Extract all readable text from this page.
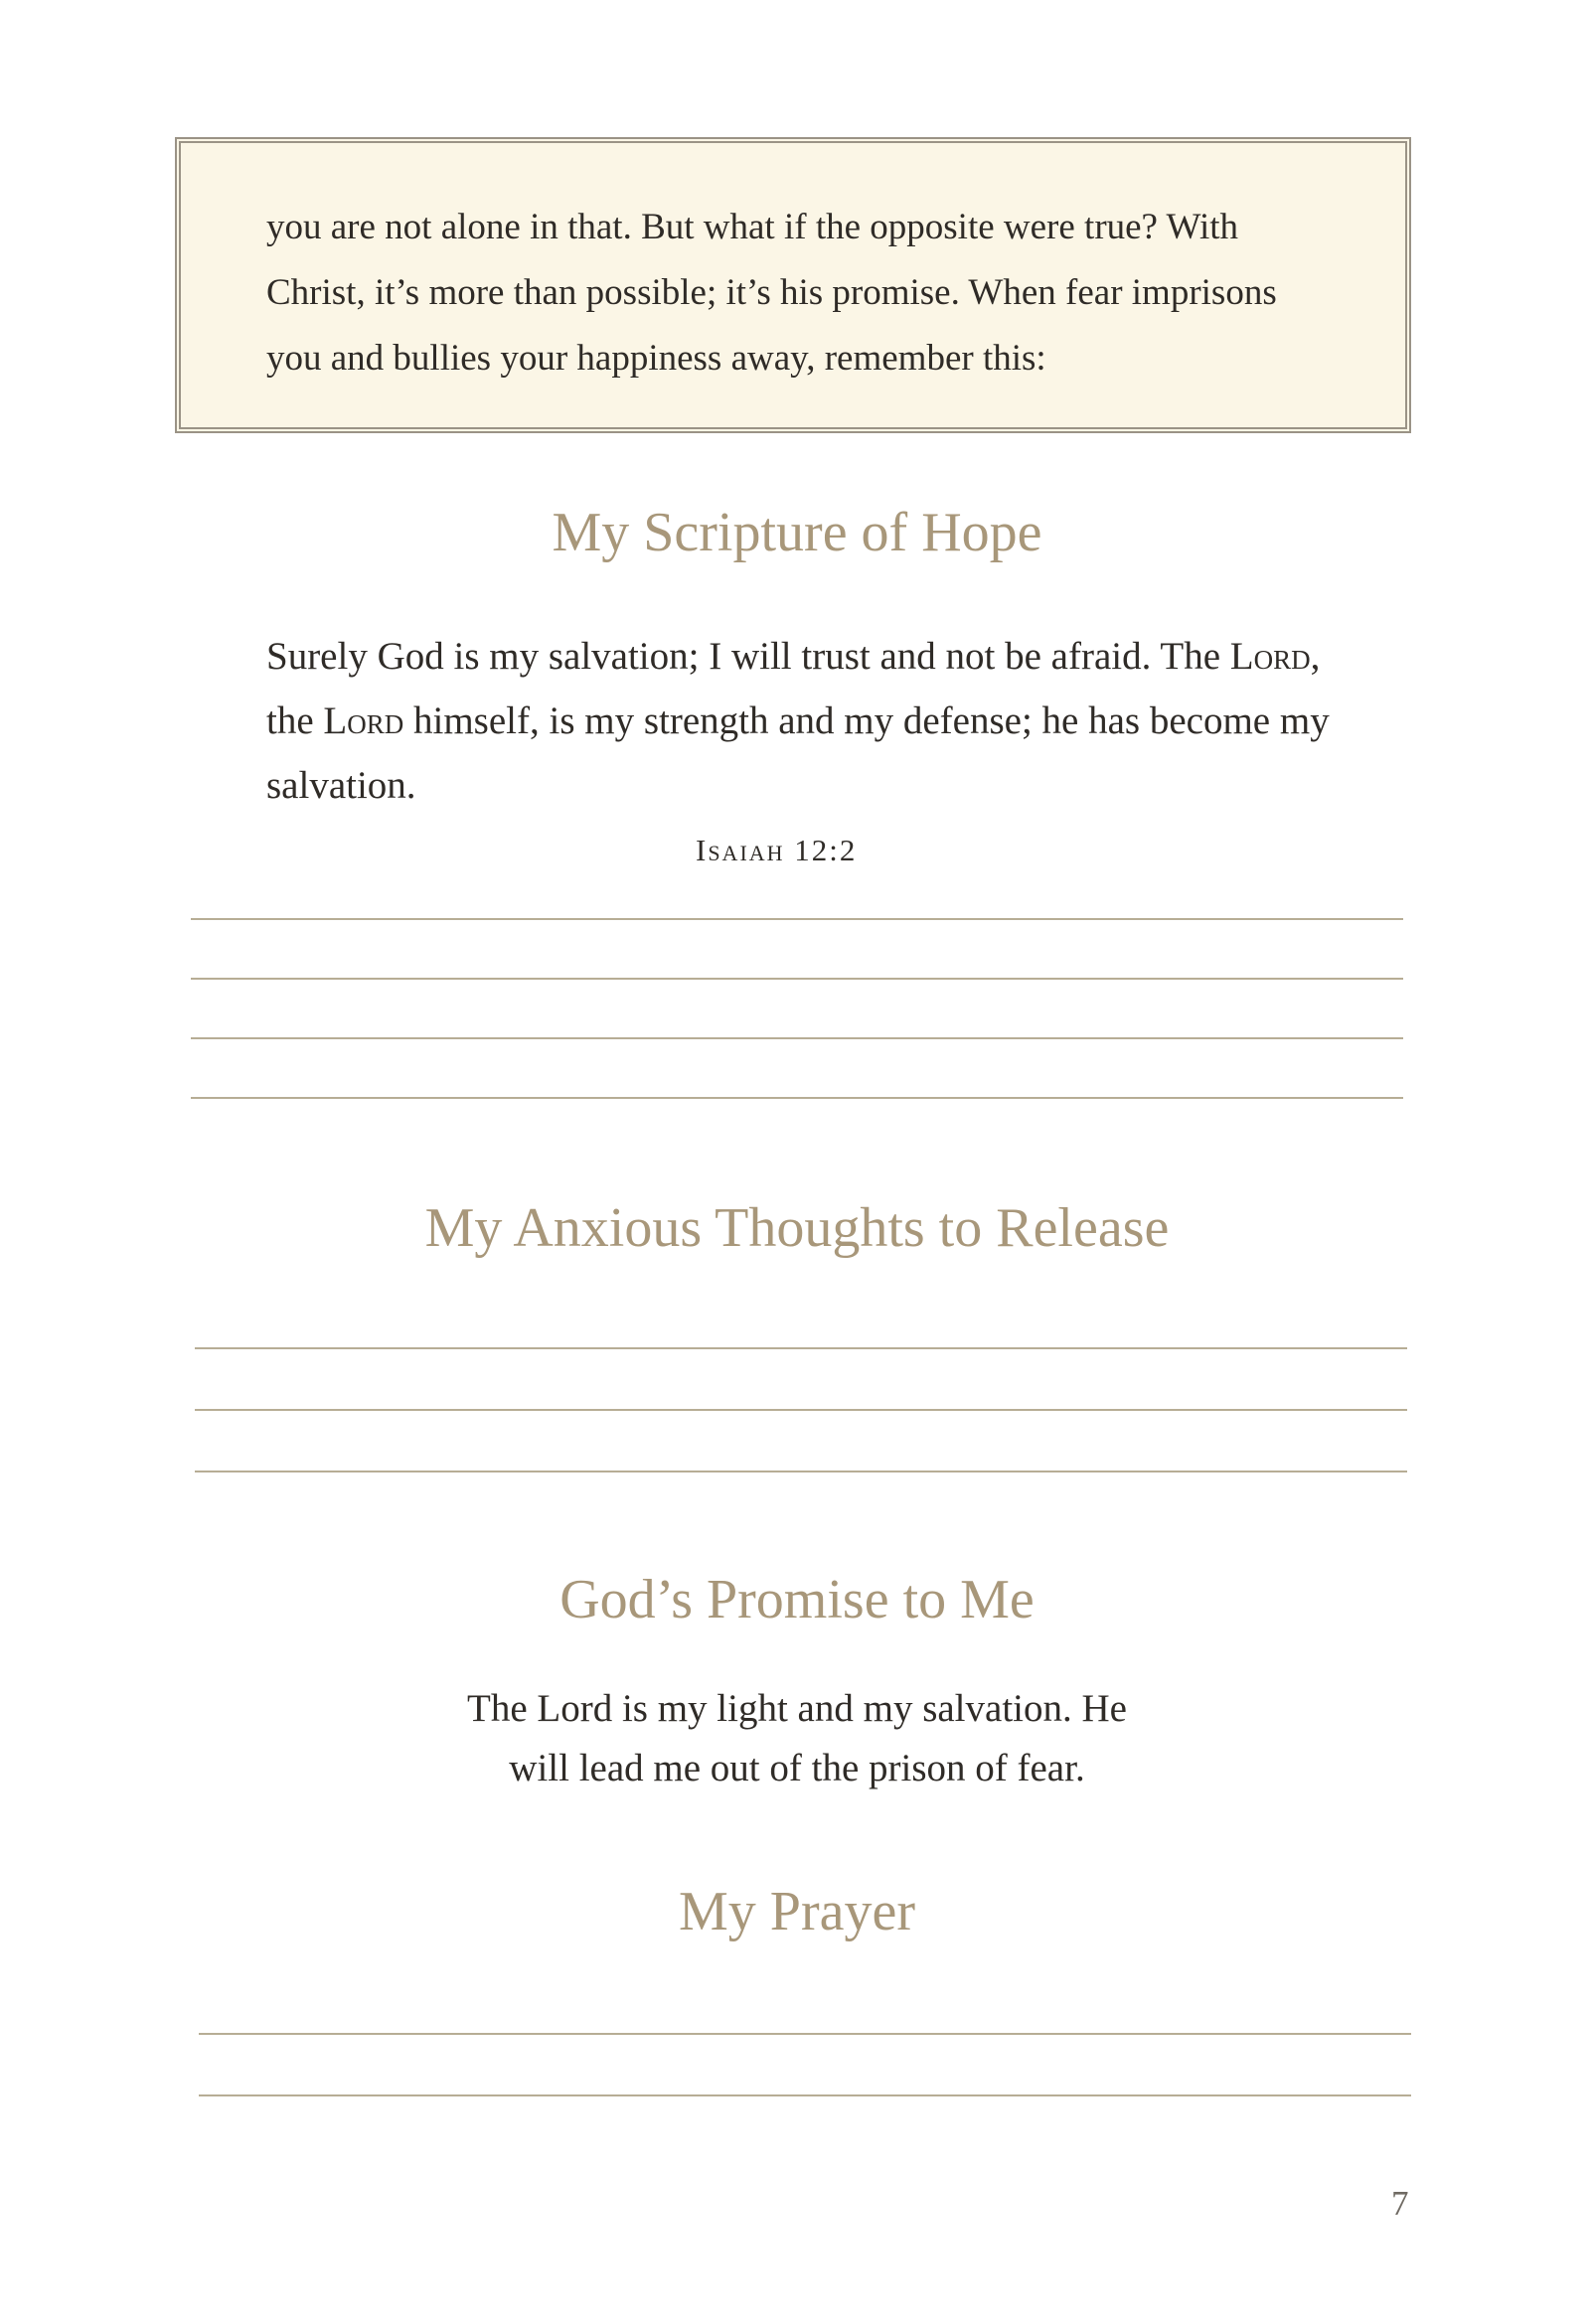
you are not alone in that. But what if the opposite were true? With Christ, it’s more than possible; it’s his promise. When fear imprisons you and bullies your happiness away, remember this:

My Scripture of Hope

Surely God is my salvation; I will trust and not be afraid. The Lord, the Lord himself, is my strength and my defense; he has become my salvation.

Isaiah 12:2
My Anxious Thoughts to Release
God’s Promise to Me

The Lord is my light and my salvation. He
will lead me out of the prison of fear.

My Prayer
7
